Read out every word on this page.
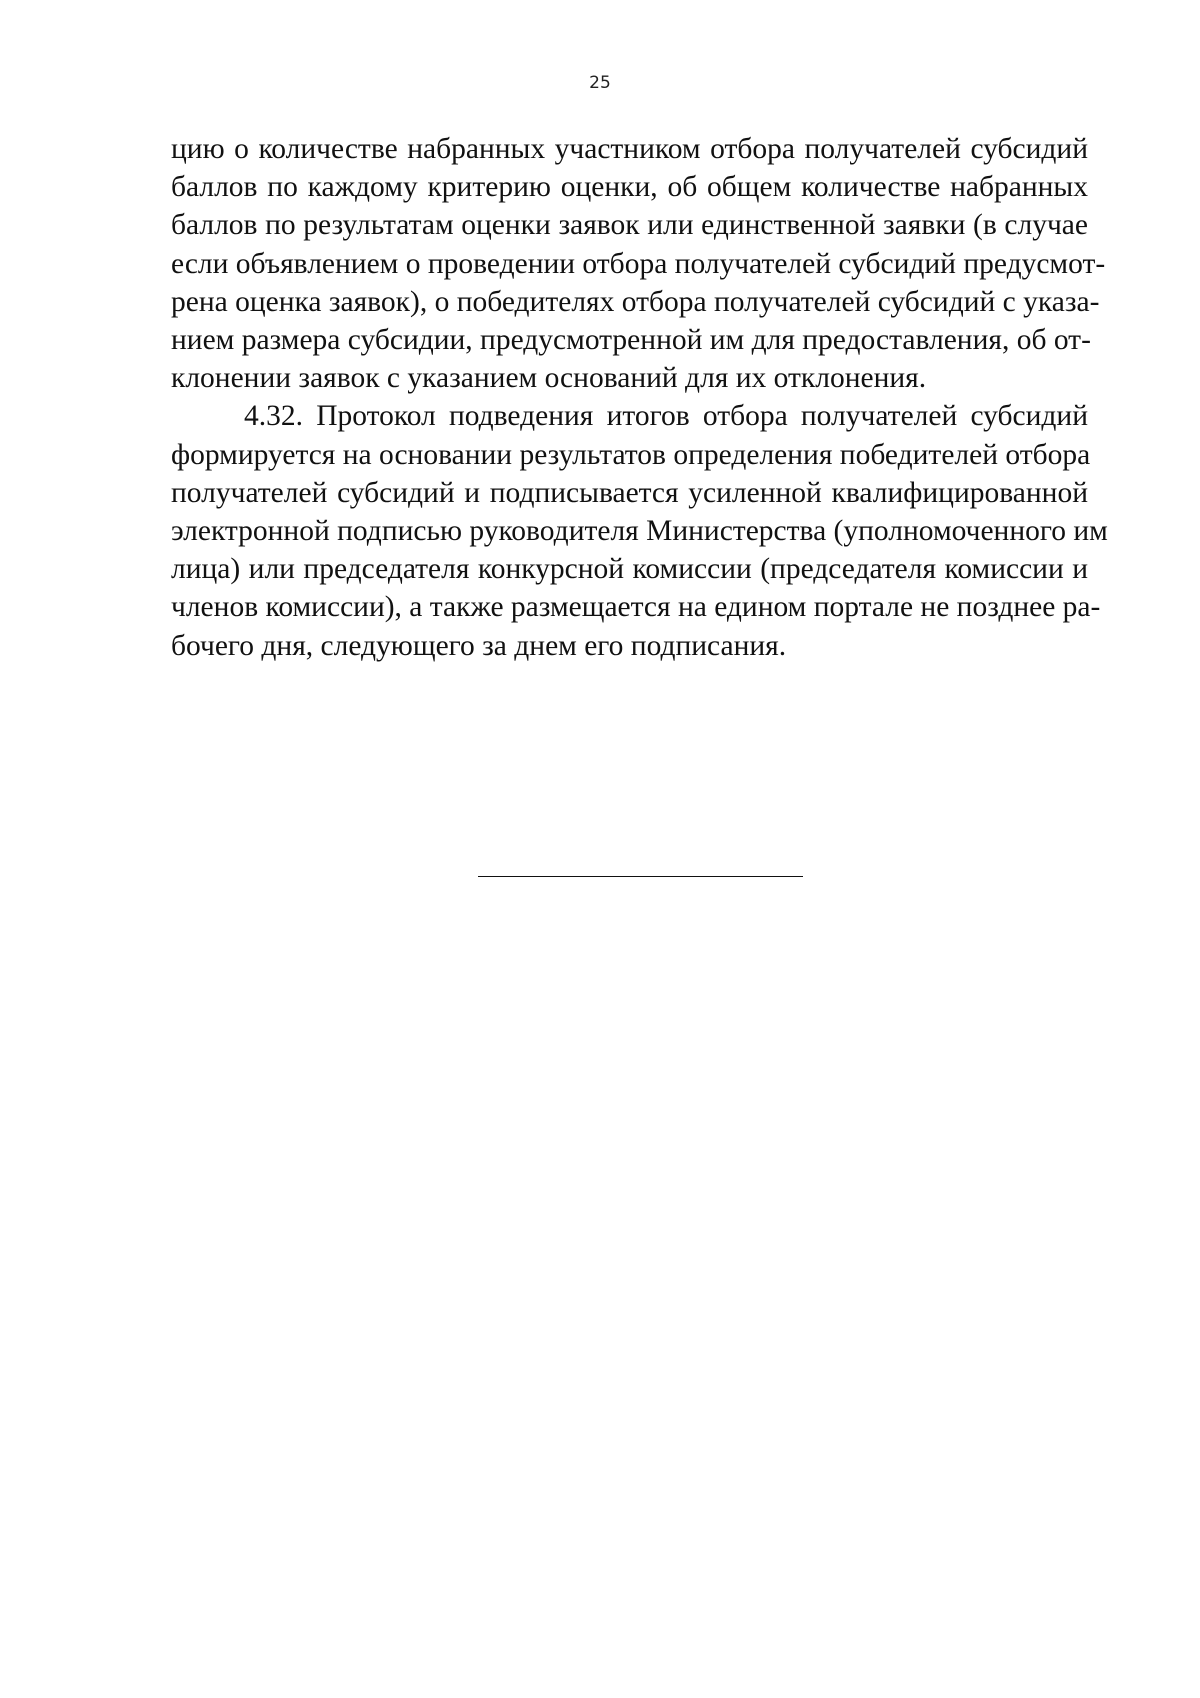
25

цию о количестве набранных участником отбора получателей субсидий
баллов по каждому критерию оценки, об общем количестве набранных
баллов по результатам оценки заявок или единственной заявки (в случае
если объявлением о проведении отбора получателей субсидий предусмот-
рена оценка заявок), о победителях отбора получателей субсидий с указа-
нием размера субсидии, предусмотренной им для предоставления, об от-
клонении заявок с указанием оснований для их отклонения.

4.32. Протокол подведения итогов отбора получателей субсидий
формируется на основании результатов определения победителей отбора
получателей субсидий и подписывается усиленной квалифицированной
электронной подписью руководителя Министерства (уполномоченного им
лица) или председателя конкурсной комиссии (председателя комиссии и
членов комиссии), а также размещается на едином портале не позднее ра-
бочего дня, следующего за днем его подписания.
